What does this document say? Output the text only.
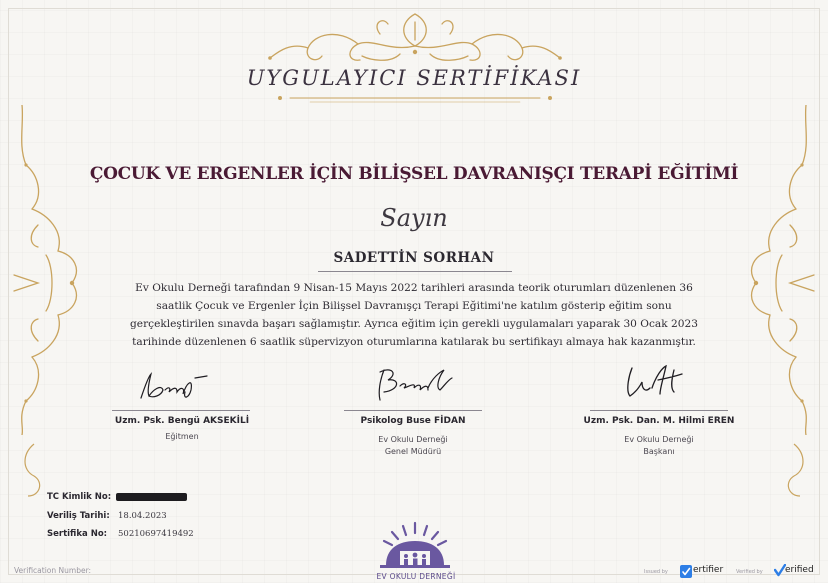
UYGULAYICI SERTİFİKASI
ÇOCUK VE ERGENLER İÇİN BİLİŞSEL DAVRANIŞÇI TERAPİ EĞİTİMİ
Sayın
SADETTİN SORHAN
Ev Okulu Derneği tarafından 9 Nisan-15 Mayıs 2022 tarihleri arasında teorik oturumları düzenlenen 36
saatlik Çocuk ve Ergenler İçin Bilişsel Davranışçı Terapi Eğitimi'ne katılım gösterip eğitim sonu
gerçekleştirilen sınavda başarı sağlamıştır. Ayrıca eğitim için gerekli uygulamaları yaparak 30 Ocak 2023
tarihinde düzenlenen 6 saatlik süpervizyon oturumlarına katılarak bu sertifikayı almaya hak kazanmıştır.
Uzm. Psk. Bengü AKSEKİLİ
Eğitmen
Psikolog Buse FİDAN
Ev Okulu Derneği
Genel Müdürü
Uzm. Psk. Dan. M. Hilmi EREN
Ev Okulu Derneği
Başkanı
TC Kimlik No:
Veriliş Tarihi: 18.04.2023
Sertifika No: 50210697419492
EV OKULU DERNEĞİ
Verification Number:	Issued by	ertifier	Verified by erified
